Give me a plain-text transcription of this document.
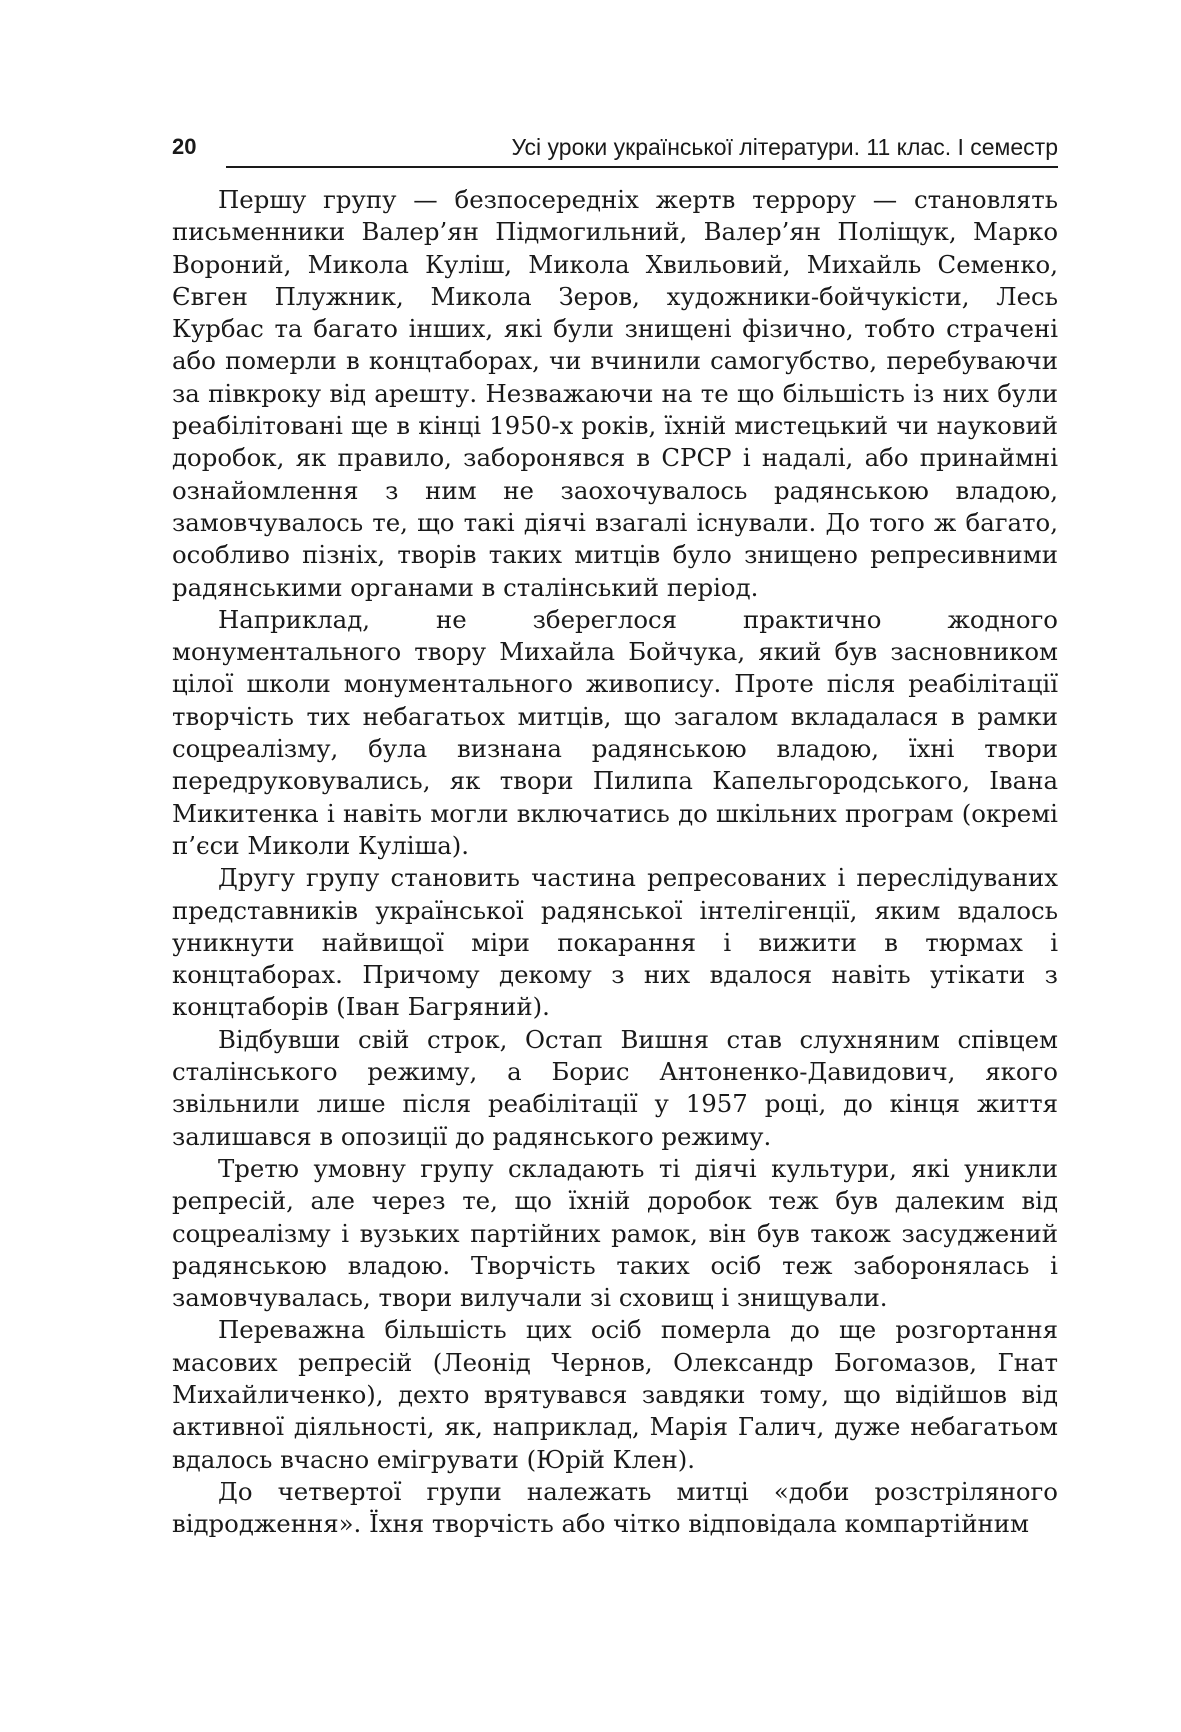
20	Усі уроки української літератури. 11 клас. І семестр

Першу групу — безпосередніх жертв террору — становлять письменники Валер’ян Підмогильний, Валер’ян Поліщук, Марко Вороний, Микола Куліш, Микола Хвильовий, Михайль Семенко, Євген Плужник, Микола Зеров, художники-бойчукісти, Лесь Курбас та багато інших, які були знищені фізично, тобто страчені або померли в концтаборах, чи вчинили самогубство, перебуваючи за півкроку від арешту. Незважаючи на те що більшість із них були реабілітовані ще в кінці 1950-х років, їхній мистецький чи науковий доробок, як правило, заборонявся в СРСР і надалі, або принаймні ознайомлення з ним не заохочувалось радянською владою, замовчувалось те, що такі діячі взагалі існували. До того ж багато, особливо пізніх, творів таких митців було знищено репресивними радянськими органами в сталінський період.

Наприклад, не збереглося практично жодного монументального твору Михайла Бойчука, який був засновником цілої школи монументального живопису. Проте після реабілітації творчість тих небагатьох митців, що загалом вкладалася в рамки соцреалізму, була визнана радянською владою, їхні твори передруковувались, як твори Пилипа Капельгородського, Івана Микитенка і навіть могли включатись до шкільних програм (окремі п’єси Миколи Куліша).

Другу групу становить частина репресованих і переслідуваних представників української радянської інтелігенції, яким вдалось уникнути найвищої міри покарання і вижити в тюрмах і концтаборах. Причому декому з них вдалося навіть утікати з концтаборів (Іван Багряний).

Відбувши свій строк, Остап Вишня став слухняним співцем сталінського режиму, а Борис Антоненко-Давидович, якого звільнили лише після реабілітації у 1957 році, до кінця життя залишався в опозиції до радянського режиму.

Третю умовну групу складають ті діячі культури, які уникли репресій, але через те, що їхній доробок теж був далеким від соцреалізму і вузьких партійних рамок, він був також засуджений радянською владою. Творчість таких осіб теж заборонялась і замовчувалась, твори вилучали зі сховищ і знищували.

Переважна більшість цих осіб померла до ще розгортання масових репресій (Леонід Чернов, Олександр Богомазов, Гнат Михайличенко), дехто врятувався завдяки тому, що відійшов від активної діяльності, як, наприклад, Марія Галич, дуже небагатьом вдалось вчасно емігрувати (Юрій Клен).

До четвертої групи належать митці «доби розстріляного відродження». Їхня творчість або чітко відповідала компартійним
